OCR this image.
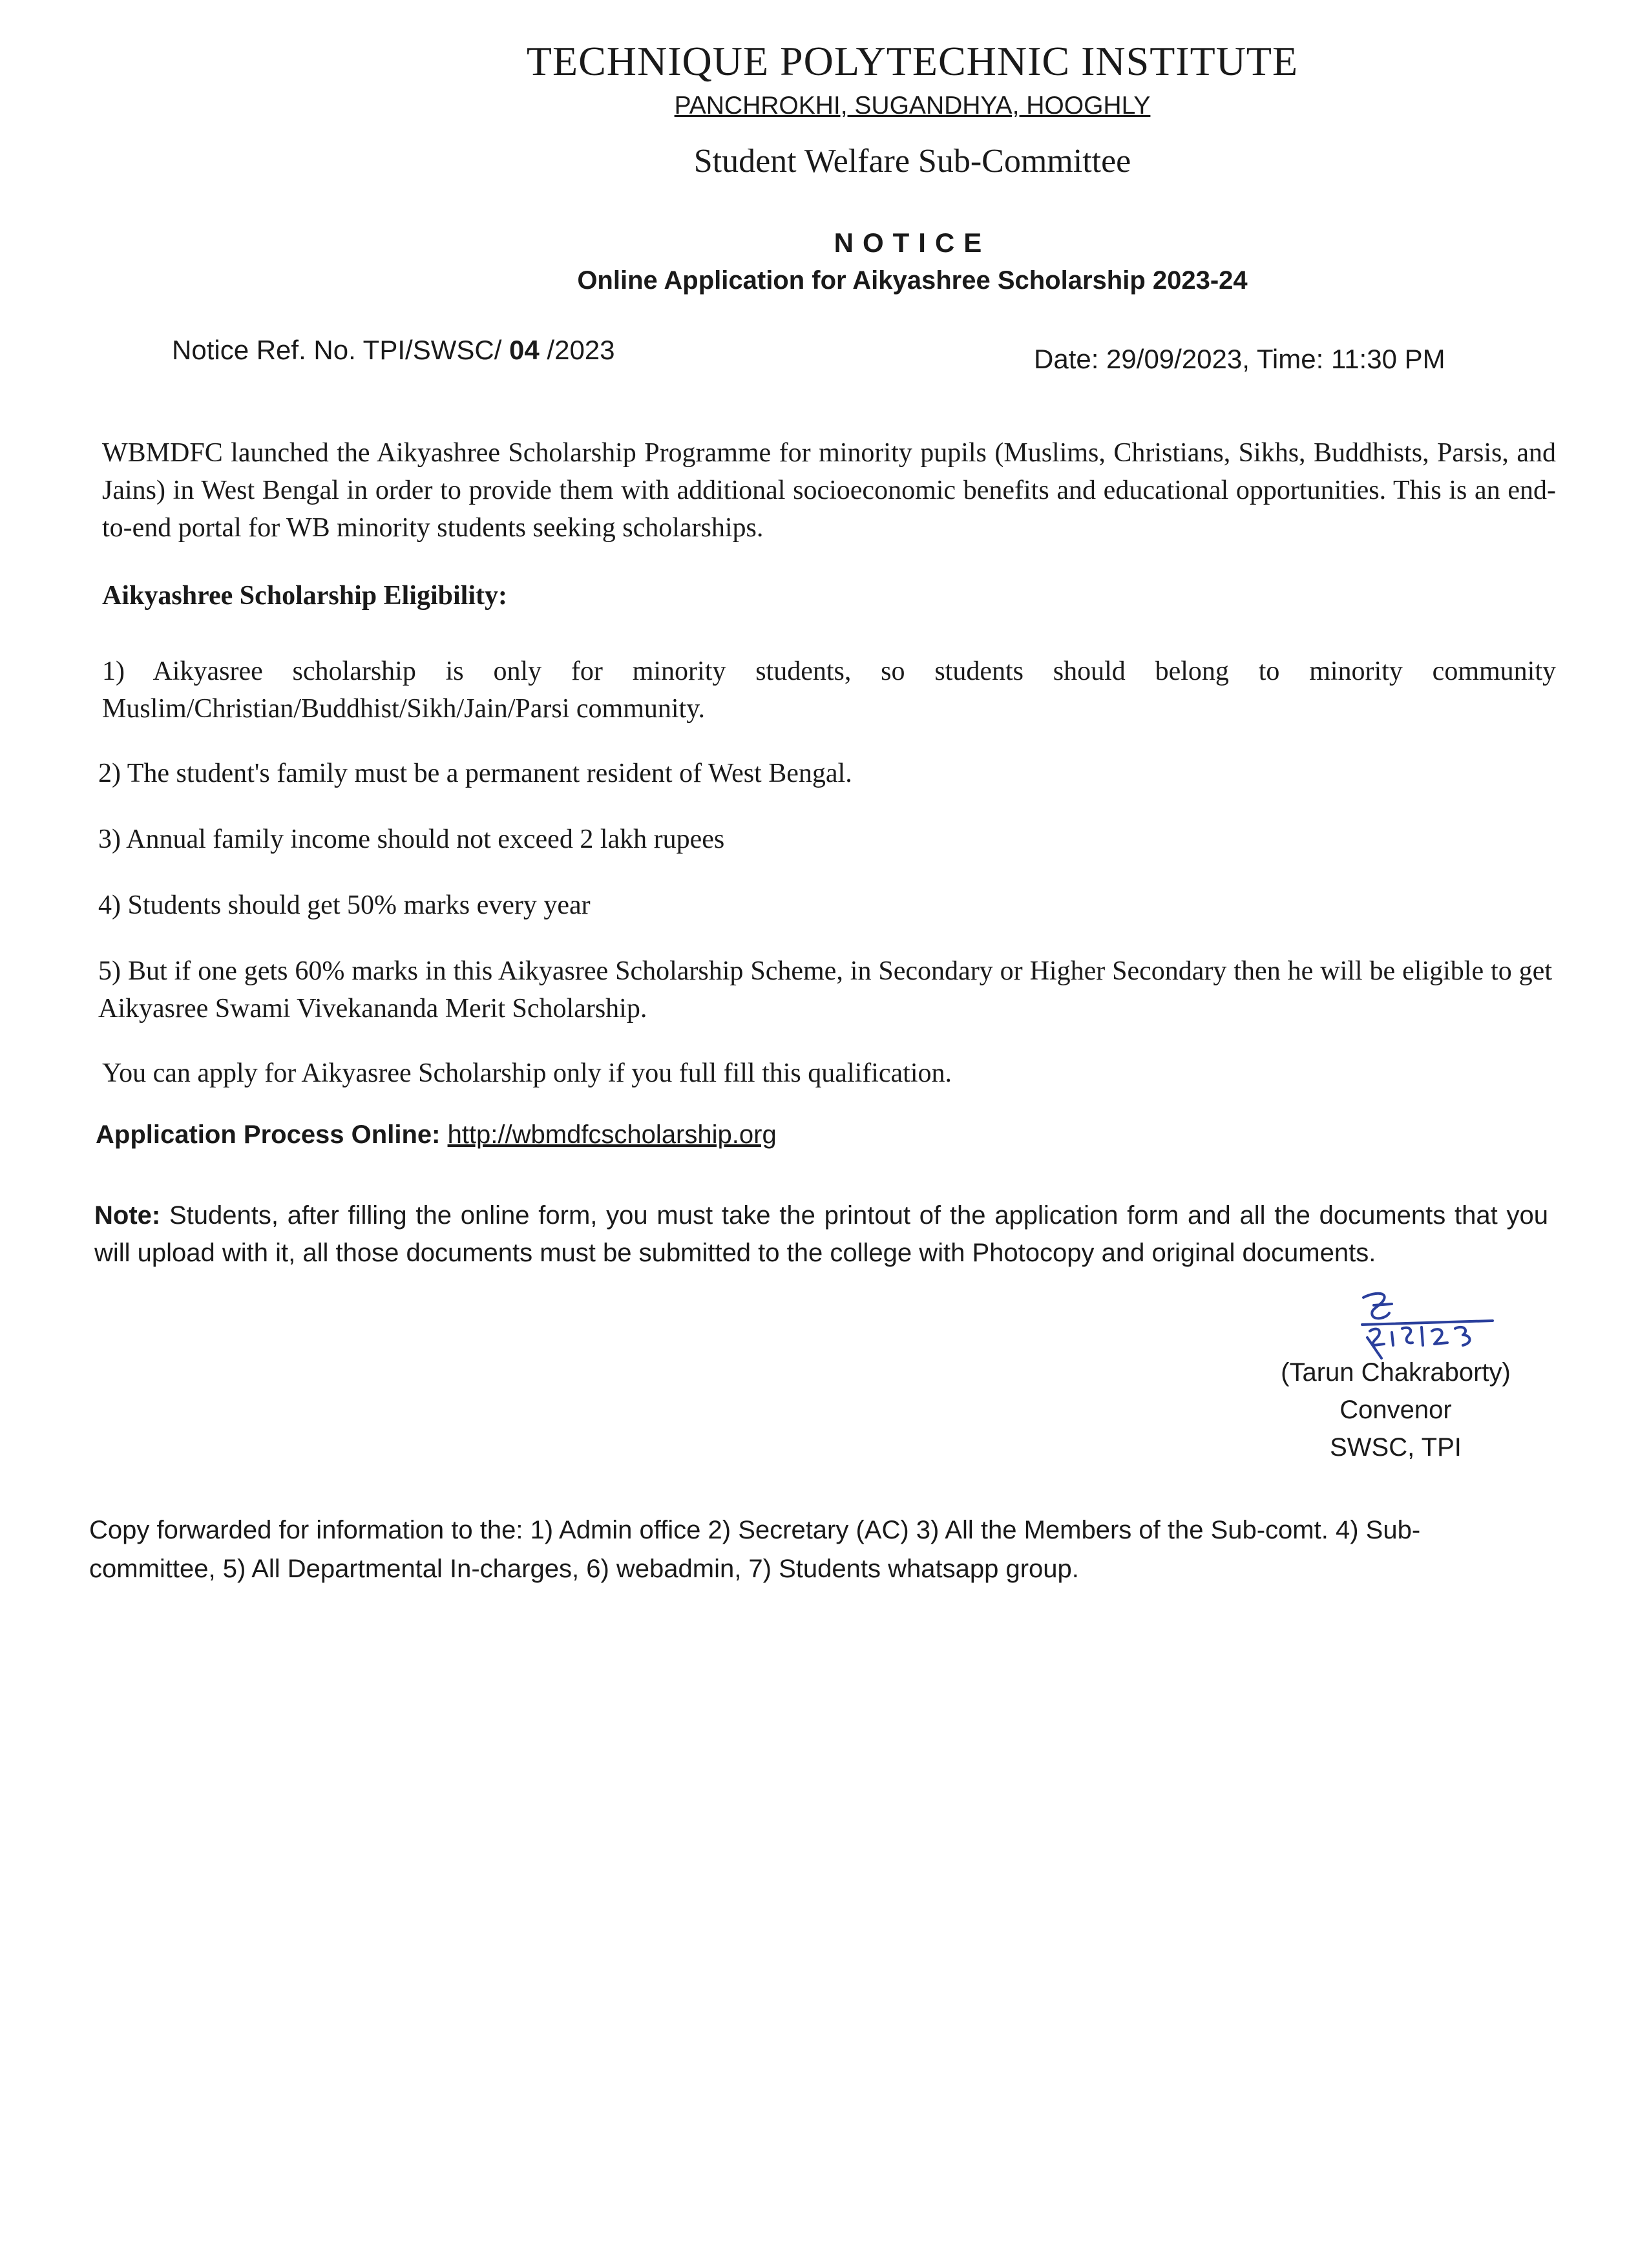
TECHNIQUE POLYTECHNIC INSTITUTE
PANCHROKHI, SUGANDHYA, HOOGHLY
Student Welfare Sub-Committee
NOTICE
Online Application for Aikyashree Scholarship 2023-24
Notice Ref. No. TPI/SWSC/ 04 /2023	Date: 29/09/2023, Time: 11:30 PM
WBMDFC launched the Aikyashree Scholarship Programme for minority pupils (Muslims, Christians, Sikhs, Buddhists, Parsis, and Jains) in West Bengal in order to provide them with additional socioeconomic benefits and educational opportunities. This is an end-to-end portal for WB minority students seeking scholarships.
Aikyashree Scholarship Eligibility:
1) Aikyasree scholarship is only for minority students, so students should belong to minority community Muslim/Christian/Buddhist/Sikh/Jain/Parsi community.
2) The student's family must be a permanent resident of West Bengal.
3) Annual family income should not exceed 2 lakh rupees
4) Students should get 50% marks every year
5) But if one gets 60% marks in this Aikyasree Scholarship Scheme, in Secondary or Higher Secondary then he will be eligible to get Aikyasree Swami Vivekananda Merit Scholarship.
You can apply for Aikyasree Scholarship only if you full fill this qualification.
Application Process Online: http://wbmdfcscholarship.org
Note: Students, after filling the online form, you must take the printout of the application form and all the documents that you will upload with it, all those documents must be submitted to the college with Photocopy and original documents.
(Tarun Chakraborty)
Convenor
SWSC, TPI
Copy forwarded for information to the: 1) Admin office 2) Secretary (AC) 3) All the Members of the Sub-comt. 4) Sub-committee, 5) All Departmental In-charges, 6) webadmin, 7) Students whatsapp group.
